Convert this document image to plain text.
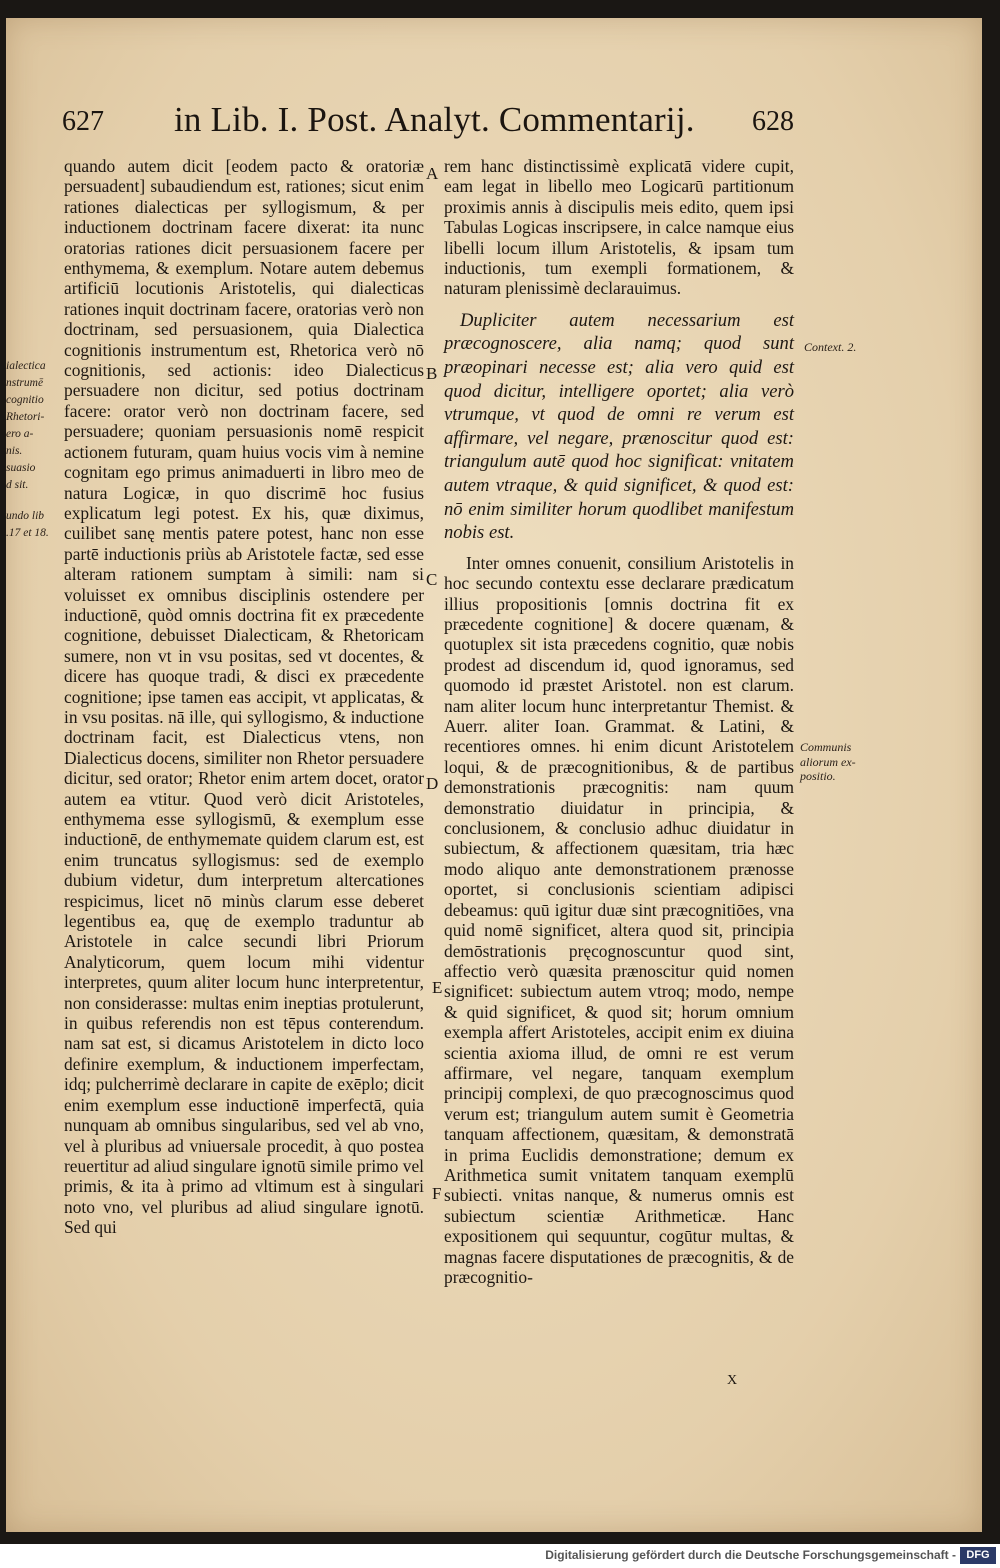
627 in Lib. I. Post. Analyt. Commentarij. 628

quando autem dicit [eodem pacto & oratoriæ persuadent] subaudiendum est, rationes; sicut enim rationes dialecticas per syllogismum, & per inductionem doctrinam facere dixerat: ita nunc oratorias rationes dicit persuasionem facere per enthymema, & exemplum. Notare autem debemus artificiū locutionis Aristotelis, qui dialecticas rationes inquit doctrinam facere, oratorias verò non doctrinam, sed persuasionem, quia Dialectica cognitionis instrumentum est, Rhetorica verò nō cognitionis, sed actionis: ideo Dialecticus persuadere non dicitur, sed potius doctrinam facere: orator verò non doctrinam facere, sed persuadere; quoniam persuasionis nomē respicit actionem futuram, quam huius vocis vim à nemine cognitam ego primus animaduerti in libro meo de natura Logicæ, in quo discrimē hoc fusius explicatum legi potest. Ex his, quæ diximus, cuilibet sanę mentis patere potest, hanc non esse partē inductionis priùs ab Aristotele factæ, sed esse alteram rationem sumptam à simili: nam si voluisset ex omnibus disciplinis ostendere per inductionē, quòd omnis doctrina fit ex præcedente cognitione, debuisset Dialecticam, & Rhetoricam sumere, non vt in vsu positas, sed vt docentes, & dicere has quoque tradi, & disci ex præcedente cognitione; ipse tamen eas accipit, vt applicatas, & in vsu positas. nā ille, qui syllogismo, & inductione doctrinam facit, est Dialecticus vtens, non Dialecticus docens, similiter non Rhetor persuadere dicitur, sed orator; Rhetor enim artem docet, orator autem ea vtitur. Quod verò dicit Aristoteles, enthymema esse syllogismū, & exemplum esse inductionē, de enthymemate quidem clarum est, est enim truncatus syllogismus: sed de exemplo dubium videtur, dum interpretum altercationes respicimus, licet nō minùs clarum esse deberet legentibus ea, quę de exemplo traduntur ab Aristotele in calce secundi libri Priorum Analyticorum, quem locum mihi videntur interpretes, quum aliter locum hunc interpretentur, non considerasse: multas enim ineptias protulerunt, in quibus referendis non est tēpus conterendum. nam sat est, si dicamus Aristotelem in dicto loco definire exemplum, & inductionem imperfectam, idq; pulcherrimè declarare in capite de exēplo; dicit enim exemplum esse inductionē imperfectā, quia nunquam ab omnibus singularibus, sed vel ab vno, vel à pluribus ad vniuersale procedit, à quo postea reuertitur ad aliud singulare ignotū simile primo vel primis, & ita à primo ad vltimum est à singulari noto vno, vel pluribus ad aliud singulare ignotū. Sed qui

A
B
C
D
E
F

rem hanc distinctissimè explicatā videre cupit, eam legat in libello meo Logicarū partitionum proximis annis à discipulis meis edito, quem ipsi Tabulas Logicas inscripsere, in calce namque eius libelli locum illum Aristotelis, & ipsam tum inductionis, tum exempli formationem, & naturam plenissimè declarauimus.

Dupliciter autem necessarium est præcognoscere, alia namq; quod sunt præopinari necesse est; alia vero quid est quod dicitur, intelligere oportet; alia verò vtrumque, vt quod de omni re verum est affirmare, vel negare, prænoscitur quod est: triangulum autē quod hoc significat: vnitatem autem vtraque, & quid significet, & quod est: nō enim similiter horum quodlibet manifestum nobis est.

Inter omnes conuenit, consilium Aristotelis in hoc secundo contextu esse declarare prædicatum illius propositionis [omnis doctrina fit ex præcedente cognitione] & docere quænam, & quotuplex sit ista præcedens cognitio, quæ nobis prodest ad discendum id, quod ignoramus, sed quomodo id præstet Aristotel. non est clarum. nam aliter locum hunc interpretantur Themist. & Auerr. aliter Ioan. Grammat. & Latini, & recentiores omnes. hi enim dicunt Aristotelem loqui, & de præcognitionibus, & de partibus demonstrationis præcognitis: nam quum demonstratio diuidatur in principia, & conclusionem, & conclusio adhuc diuidatur in subiectum, & affectionem quæsitam, tria hæc modo aliquo ante demonstrationem prænosse oportet, si conclusionis scientiam adipisci debeamus: quū igitur duæ sint præcognitiōes, vna quid nomē significet, altera quod sit, principia demōstrationis pręcognoscuntur quod sint, affectio verò quæsita prænoscitur quid nomen significet: subiectum autem vtroq; modo, nempe & quid significet, & quod sit; horum omnium exempla affert Aristoteles, accipit enim ex diuina scientia axioma illud, de omni re est verum affirmare, vel negare, tanquam exemplum principij complexi, de quo præcognoscimus quod verum est; triangulum autem sumit è Geometria tanquam affectionem, quæsitam, & demonstratā in prima Euclidis demonstratione; demum ex Arithmetica sumit vnitatem tanquam exemplū subiecti. vnitas nanque, & numerus omnis est subiectum scientiæ Arithmeticæ. Hanc expositionem qui sequuntur, cogūtur multas, & magnas facere disputationes de præcognitis, & de præcognitio-

ialectica

nstrumē

cognitio

Rhetori-

ero a-

nis.

suasio

d sit.

undo lib

.17 et 18.

Context. 2.

Communis

aliorum ex-

positio.

X
Digitalisierung gefördert durch die Deutsche Forschungsgemeinschaft - DFG
